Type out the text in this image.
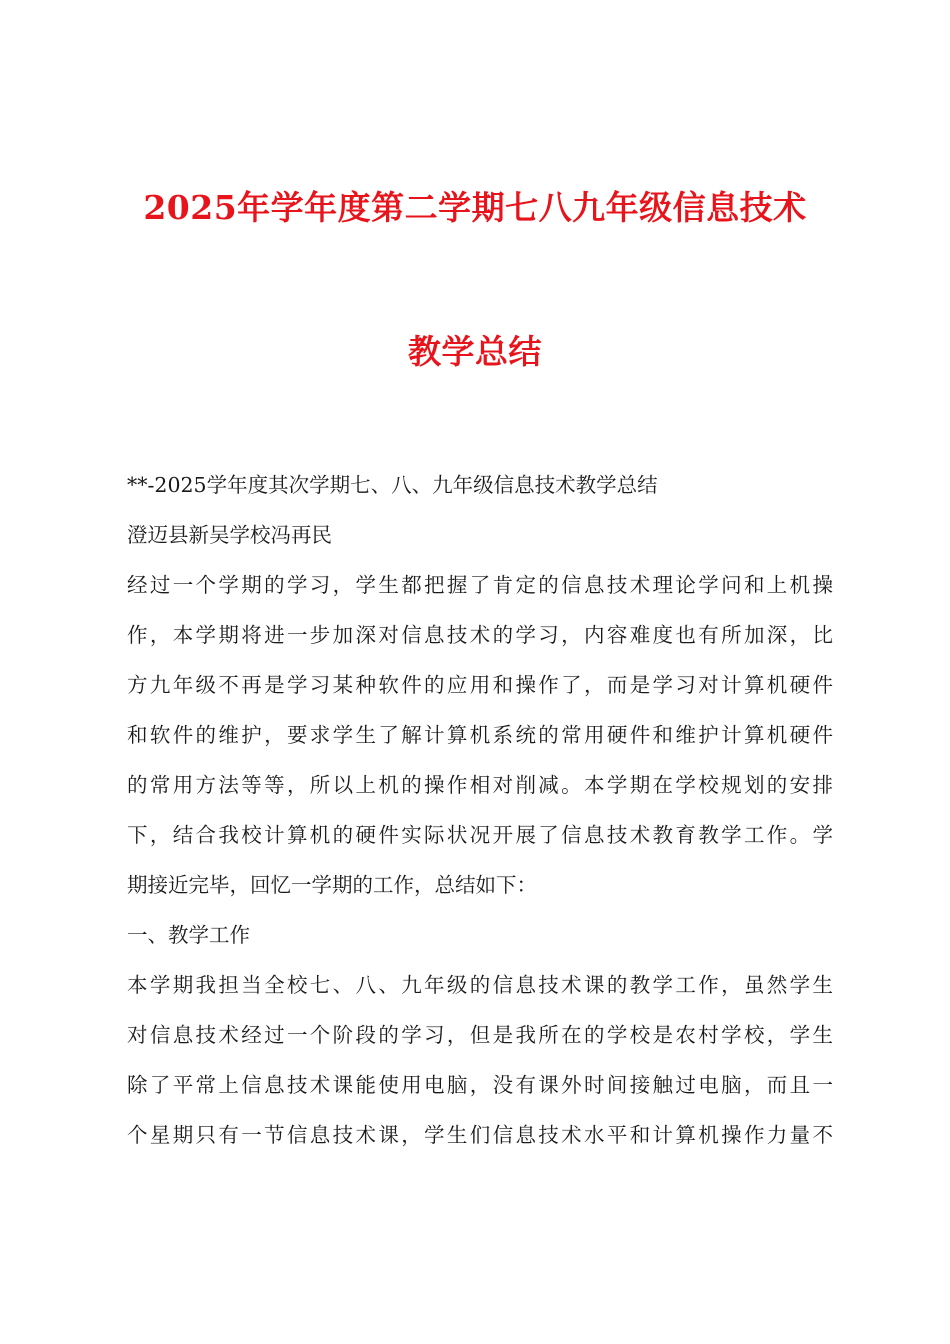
2025年学年度第二学期七八九年级信息技术
教学总结
**-2025学年度其次学期七、八、九年级信息技术教学总结
澄迈县新吴学校冯再民
经过一个学期的学习，学生都把握了肯定的信息技术理论学问和上机操
作，本学期将进一步加深对信息技术的学习，内容难度也有所加深，比
方九年级不再是学习某种软件的应用和操作了，而是学习对计算机硬件
和软件的维护，要求学生了解计算机系统的常用硬件和维护计算机硬件
的常用方法等等，所以上机的操作相对削减。本学期在学校规划的安排
下，结合我校计算机的硬件实际状况开展了信息技术教育教学工作。学
期接近完毕，回忆一学期的工作，总结如下：
一、教学工作
本学期我担当全校七、八、九年级的信息技术课的教学工作，虽然学生
对信息技术经过一个阶段的学习，但是我所在的学校是农村学校，学生
除了平常上信息技术课能使用电脑，没有课外时间接触过电脑，而且一
个星期只有一节信息技术课，学生们信息技术水平和计算机操作力量不
